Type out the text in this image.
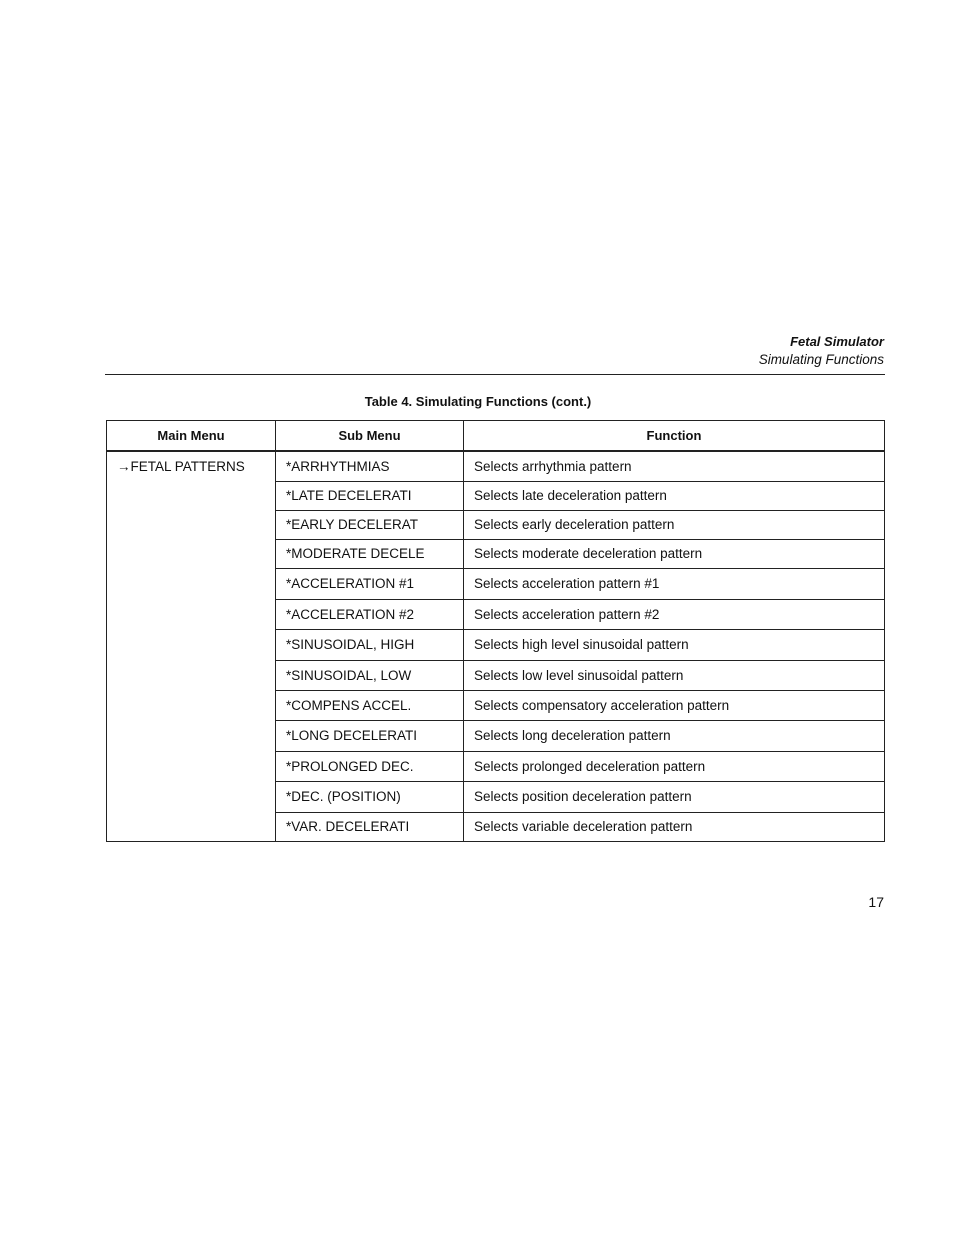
Fetal Simulator
Simulating Functions
Table 4. Simulating Functions (cont.)
Main Menu	Sub Menu	Function
→FETAL PATTERNS	*ARRHYTHMIAS	Selects arrhythmia pattern
	*LATE DECELERATI	Selects late deceleration pattern
	*EARLY DECELERAT	Selects early deceleration pattern
	*MODERATE DECELE	Selects moderate deceleration pattern
	*ACCELERATION #1	Selects acceleration pattern #1
	*ACCELERATION #2	Selects acceleration pattern #2
	*SINUSOIDAL, HIGH	Selects high level sinusoidal pattern
	*SINUSOIDAL, LOW	Selects low level sinusoidal pattern
	*COMPENS ACCEL.	Selects compensatory acceleration pattern
	*LONG DECELERATI	Selects long deceleration pattern
	*PROLONGED DEC.	Selects prolonged deceleration pattern
	*DEC. (POSITION)	Selects position deceleration pattern
	*VAR. DECELERATI	Selects variable deceleration pattern
17
